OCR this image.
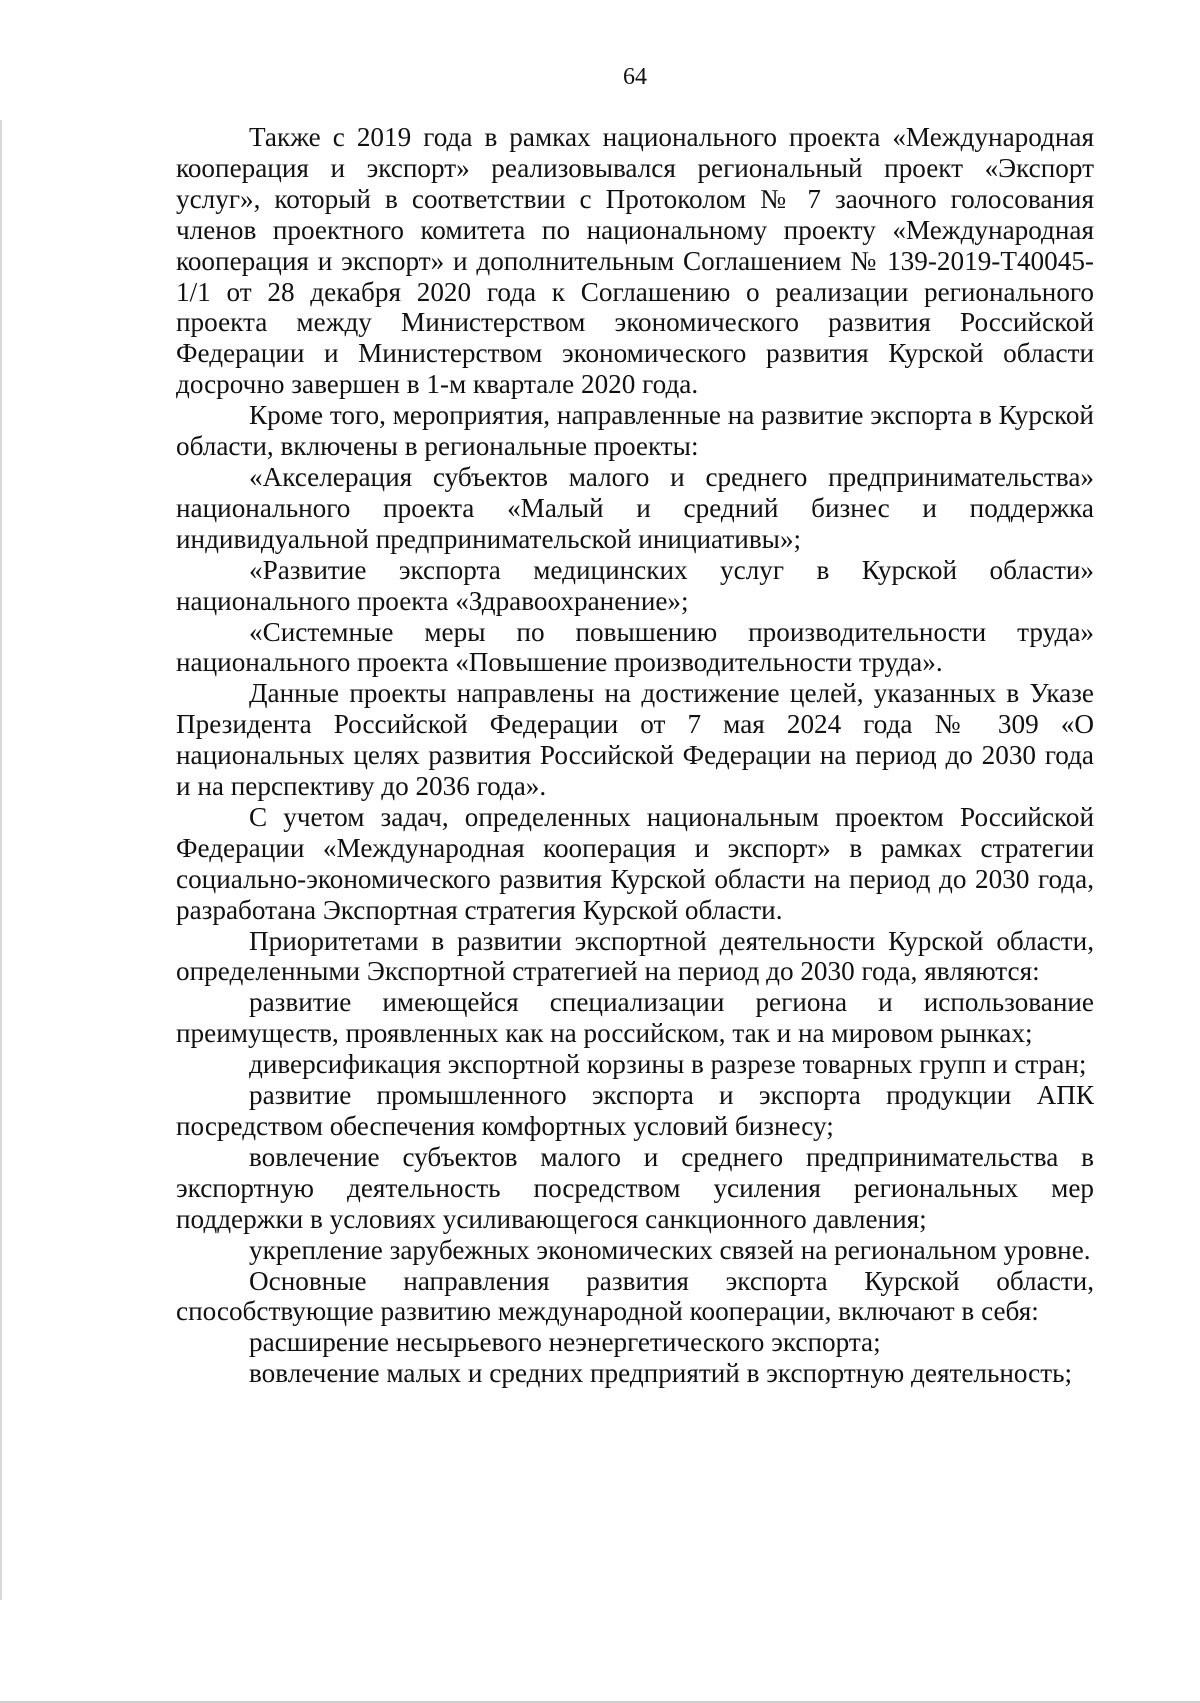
64

Также с 2019 года в рамках национального проекта «Международная кооперация и экспорт» реализовывался региональный проект «Экспорт услуг», который в соответствии с Протоколом № 7 заочного голосования членов проектного комитета по национальному проекту «Международная кооперация и экспорт» и дополнительным Соглашением № 139-2019-T40045-1/1 от 28 декабря 2020 года к Соглашению о реализации регионального проекта между Министерством экономического развития Российской Федерации и Министерством экономического развития Курской области досрочно завершен в 1-м квартале 2020 года.

Кроме того, мероприятия, направленные на развитие экспорта в Курской области, включены в региональные проекты:

«Акселерация субъектов малого и среднего предпринимательства» национального проекта «Малый и средний бизнес и поддержка индивидуальной предпринимательской инициативы»;

«Развитие экспорта медицинских услуг в Курской области» национального проекта «Здравоохранение»;

«Системные меры по повышению производительности труда» национального проекта «Повышение производительности труда».

Данные проекты направлены на достижение целей, указанных в Указе Президента Российской Федерации от 7 мая 2024 года № 309 «О национальных целях развития Российской Федерации на период до 2030 года и на перспективу до 2036 года».

С учетом задач, определенных национальным проектом Российской Федерации «Международная кооперация и экспорт» в рамках стратегии социально-экономического развития Курской области на период до 2030 года, разработана Экспортная стратегия Курской области.

Приоритетами в развитии экспортной деятельности Курской области, определенными Экспортной стратегией на период до 2030 года, являются:

развитие имеющейся специализации региона и использование преимуществ, проявленных как на российском, так и на мировом рынках;

диверсификация экспортной корзины в разрезе товарных групп и стран;

развитие промышленного экспорта и экспорта продукции АПК посредством обеспечения комфортных условий бизнесу;

вовлечение субъектов малого и среднего предпринимательства в экспортную деятельность посредством усиления региональных мер поддержки в условиях усиливающегося санкционного давления;

укрепление зарубежных экономических связей на региональном уровне.

Основные направления развития экспорта Курской области, способствующие развитию международной кооперации, включают в себя:

расширение несырьевого неэнергетического экспорта;

вовлечение малых и средних предприятий в экспортную деятельность;
